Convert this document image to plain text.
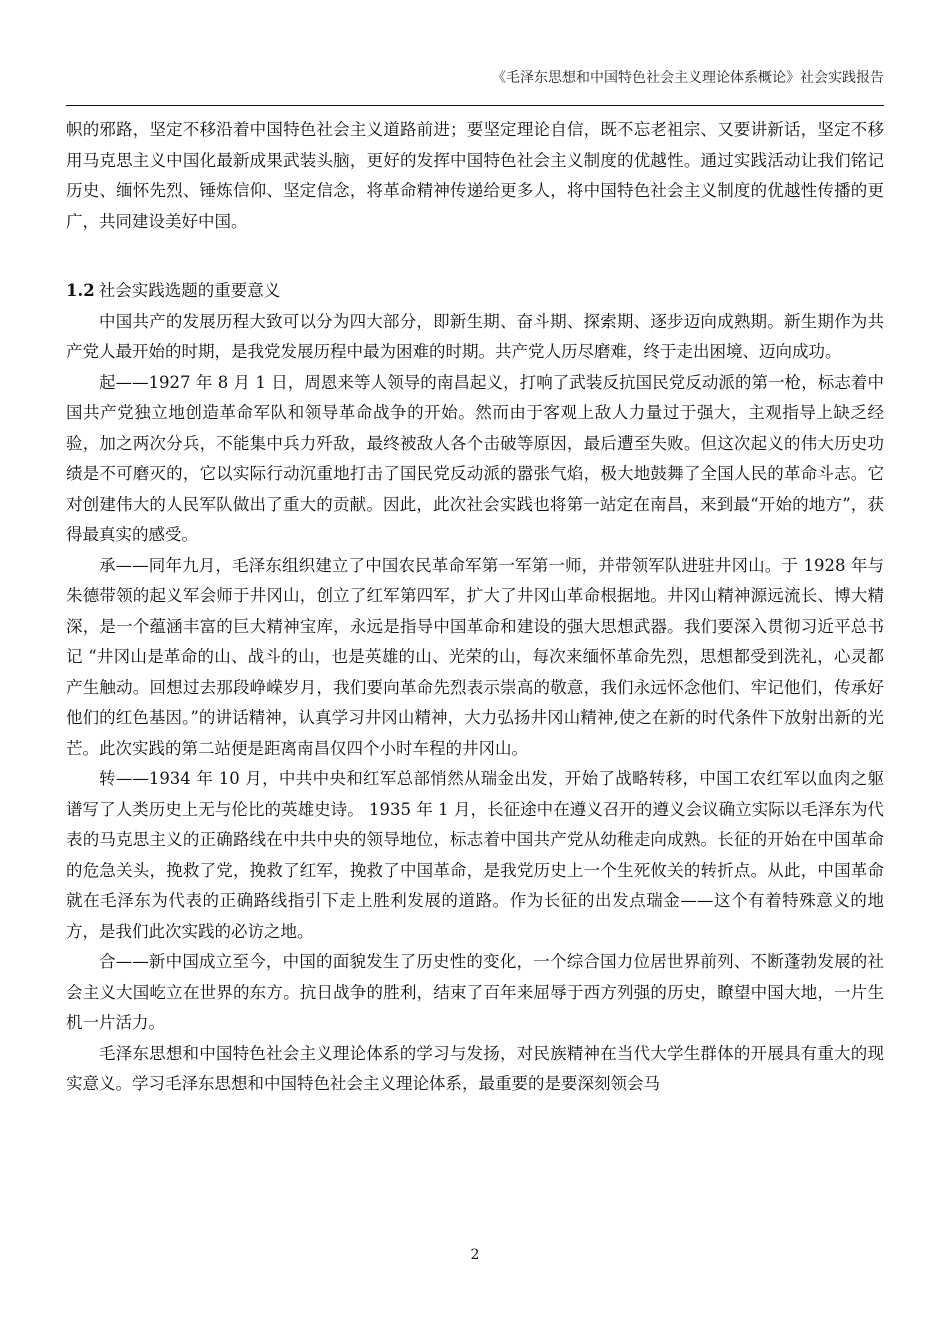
《毛泽东思想和中国特色社会主义理论体系概论》社会实践报告

帜的邪路，坚定不移沿着中国特色社会主义道路前进；要坚定理论自信，既不忘老祖宗、又要讲新话，坚定不移用马克思主义中国化最新成果武装头脑，更好的发挥中国特色社会主义制度的优越性。通过实践活动让我们铭记历史、缅怀先烈、锤炼信仰、坚定信念，将革命精神传递给更多人，将中国特色社会主义制度的优越性传播的更广，共同建设美好中国。

1.2 社会实践选题的重要意义

中国共产的发展历程大致可以分为四大部分，即新生期、奋斗期、探索期、逐步迈向成熟期。新生期作为共产党人最开始的时期，是我党发展历程中最为困难的时期。共产党人历尽磨难，终于走出困境、迈向成功。

起——1927 年 8 月 1 日，周恩来等人领导的南昌起义，打响了武装反抗国民党反动派的第一枪，标志着中国共产党独立地创造革命军队和领导革命战争的开始。然而由于客观上敌人力量过于强大，主观指导上缺乏经验，加之两次分兵，不能集中兵力歼敌，最终被敌人各个击破等原因，最后遭至失败。但这次起义的伟大历史功绩是不可磨灭的，它以实际行动沉重地打击了国民党反动派的嚣张气焰，极大地鼓舞了全国人民的革命斗志。它对创建伟大的人民军队做出了重大的贡献。因此，此次社会实践也将第一站定在南昌，来到最“开始的地方”，获得最真实的感受。

承——同年九月，毛泽东组织建立了中国农民革命军第一军第一师，并带领军队进驻井冈山。于 1928 年与朱德带领的起义军会师于井冈山，创立了红军第四军，扩大了井冈山革命根据地。井冈山精神源远流长、博大精深，是一个蕴涵丰富的巨大精神宝库，永远是指导中国革命和建设的强大思想武器。我们要深入贯彻习近平总书记 “井冈山是革命的山、战斗的山，也是英雄的山、光荣的山，每次来缅怀革命先烈，思想都受到洗礼，心灵都产生触动。回想过去那段峥嵘岁月，我们要向革命先烈表示崇高的敬意，我们永远怀念他们、牢记他们，传承好他们的红色基因。”的讲话精神，认真学习井冈山精神，大力弘扬井冈山精神,使之在新的时代条件下放射出新的光芒。此次实践的第二站便是距离南昌仅四个小时车程的井冈山。

转——1934 年 10 月，中共中央和红军总部悄然从瑞金出发，开始了战略转移，中国工农红军以血肉之躯谱写了人类历史上无与伦比的英雄史诗。 1935 年 1 月，长征途中在遵义召开的遵义会议确立实际以毛泽东为代表的马克思主义的正确路线在中共中央的领导地位，标志着中国共产党从幼稚走向成熟。长征的开始在中国革命的危急关头，挽救了党，挽救了红军，挽救了中国革命，是我党历史上一个生死攸关的转折点。从此，中国革命就在毛泽东为代表的正确路线指引下走上胜利发展的道路。作为长征的出发点瑞金——这个有着特殊意义的地方，是我们此次实践的必访之地。

合——新中国成立至今，中国的面貌发生了历史性的变化，一个综合国力位居世界前列、不断蓬勃发展的社会主义大国屹立在世界的东方。抗日战争的胜利，结束了百年来屈辱于西方列强的历史，瞭望中国大地，一片生机一片活力。

毛泽东思想和中国特色社会主义理论体系的学习与发扬，对民族精神在当代大学生群体的开展具有重大的现实意义。学习毛泽东思想和中国特色社会主义理论体系，最重要的是要深刻领会马

2
